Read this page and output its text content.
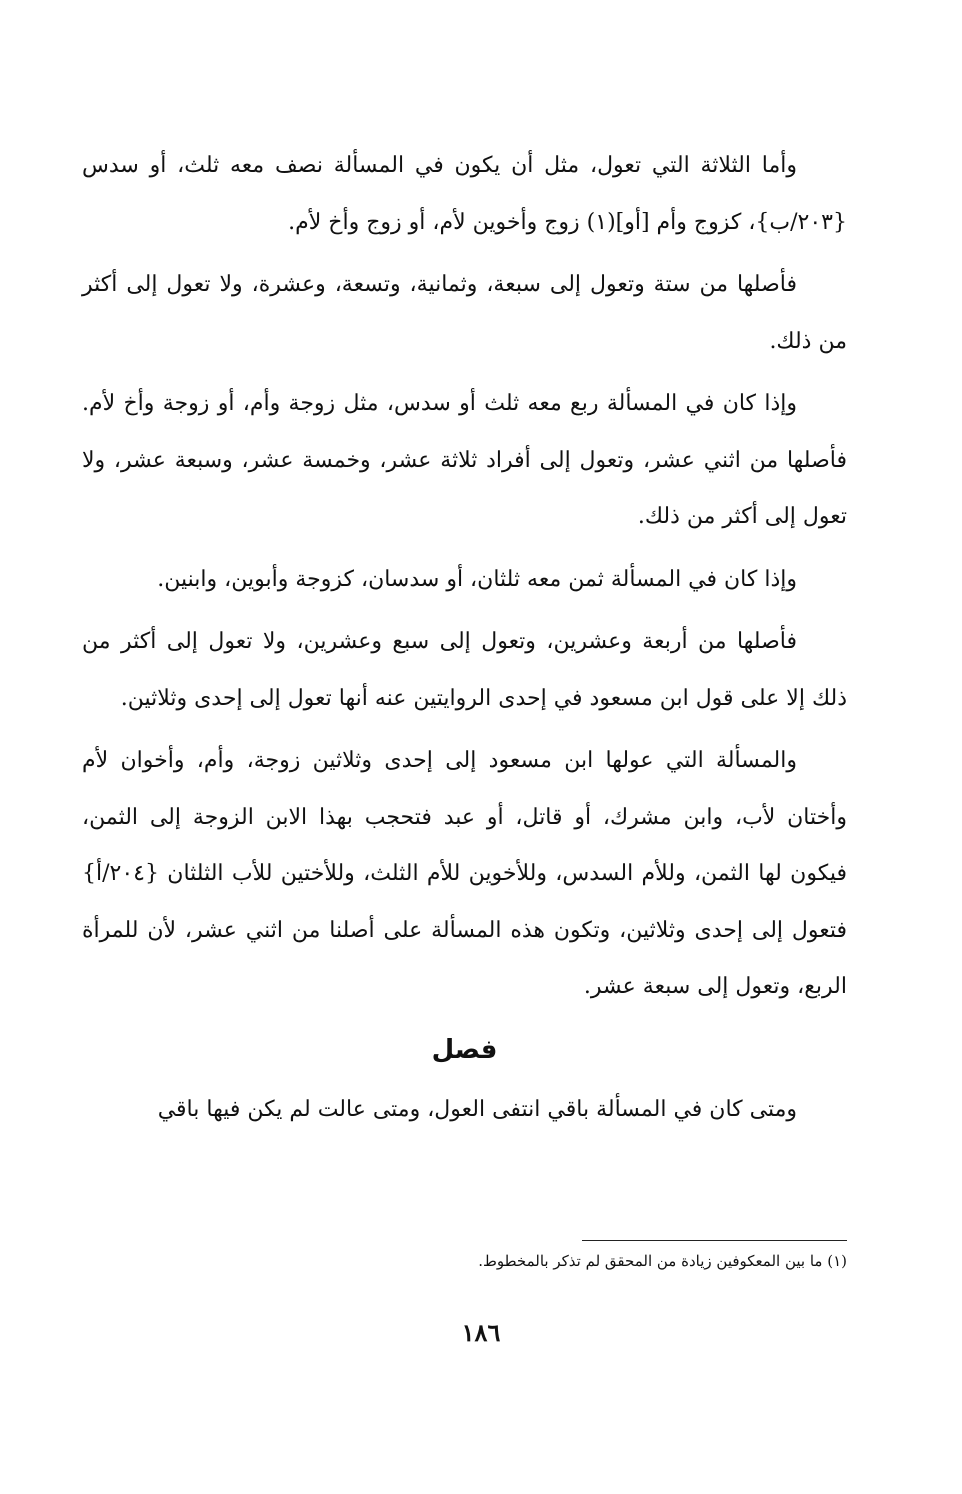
وأما الثلاثة التي تعول، مثل أن يكون في المسألة نصف معه ثلث، أو سدس {٢٠٣/ب}، كزوج وأم [أو](١) زوج وأخوين لأم، أو زوج وأخ لأم.

فأصلها من ستة وتعول إلى سبعة، وثمانية، وتسعة، وعشرة، ولا تعول إلى أكثر من ذلك.

وإذا كان في المسألة ربع معه ثلث أو سدس، مثل زوجة وأم، أو زوجة وأخ لأم. فأصلها من اثني عشر، وتعول إلى أفراد ثلاثة عشر، وخمسة عشر، وسبعة عشر، ولا تعول إلى أكثر من ذلك.

وإذا كان في المسألة ثمن معه ثلثان، أو سدسان، كزوجة وأبوين، وابنين.

فأصلها من أربعة وعشرين، وتعول إلى سبع وعشرين، ولا تعول إلى أكثر من ذلك إلا على قول ابن مسعود في إحدى الروايتين عنه أنها تعول إلى إحدى وثلاثين.

والمسألة التي عولها ابن مسعود إلى إحدى وثلاثين زوجة، وأم، وأخوان لأم وأختان لأب، وابن مشرك، أو قاتل، أو عبد فتحجب بهذا الابن الزوجة إلى الثمن، فيكون لها الثمن، وللأم السدس، وللأخوين للأم الثلث، وللأختين للأب الثلثان {٢٠٤/أ} فتعول إلى إحدى وثلاثين، وتكون هذه المسألة على أصلنا من اثني عشر، لأن للمرأة الربع، وتعول إلى سبعة عشر.

فصل

ومتى كان في المسألة باقي انتفى العول، ومتى عالت لم يكن فيها باقي

(١) ما بين المعكوفين زيادة من المحقق لم تذكر بالمخطوط.
١٨٦
